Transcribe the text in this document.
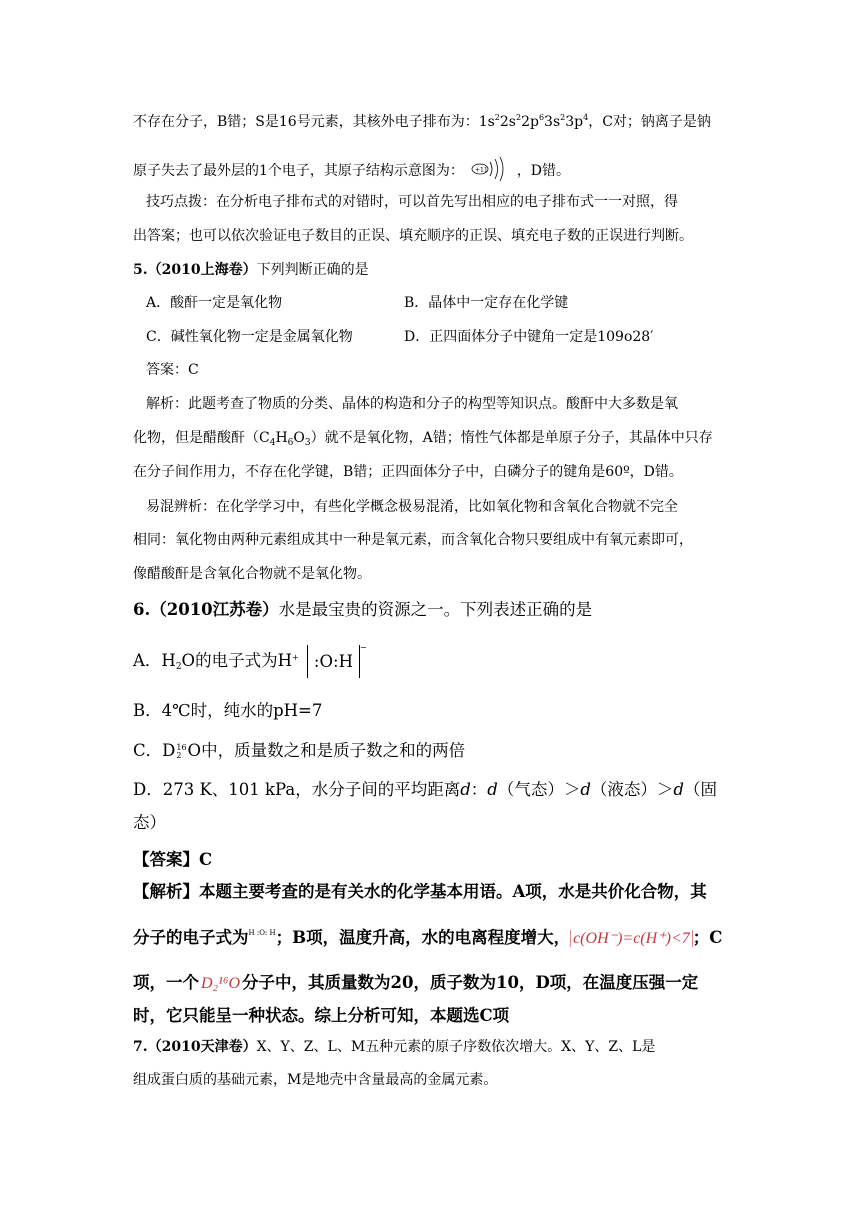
不存在分子，B错；S是16号元素，其核外电子排布为：$1s^22s^22p^63s^23p^4$，C对；钠离子是钠
原子失去了最外层的1个电子，其原子结构示意图为： +11 ，D错。
技巧点拨：在分析电子排布式的对错时，可以首先写出相应的电子排布式一一对照，得
出答案；也可以依次验证电子数目的正误、填充顺序的正误、填充电子数的正误进行判断。
5.（2010上海卷）下列判断正确的是
A．酸酐一定是氧化物	B．晶体中一定存在化学键
C．碱性氧化物一定是金属氧化物	D．正四面体分子中键角一定是109o28′
答案：C
解析：此题考查了物质的分类、晶体的构造和分子的构型等知识点。酸酐中大多数是氧
化物，但是醋酸酐$(C_4H_6O_3)$就不是氧化物，A错；惰性气体都是单原子分子，其晶体中只存
在分子间作用力，不存在化学键，B错；正四面体分子中，白磷分子的键角是60º，D错。
易混辨析：在化学学习中，有些化学概念极易混淆，比如氧化物和含氧化合物就不完全
相同：氧化物由两种元素组成其中一种是氧元素，而含氧化合物只要组成中有氧元素即可，
像醋酸酐是含氧化合物就不是氧化物。
6.（2010江苏卷）水是最宝贵的资源之一。下列表述正确的是
A．$H_2O$的电子式为H+ :O:H−
B．4℃时，纯水的pH=7
C．D 16
2 O中，质量数之和是质子数之和的两倍
D．273 K、101 kPa，水分子间的平均距离d：d（气态）＞d（液态）＞d（固
态）
【答案】C
【解析】本题主要考查的是有关水的化学基本用语。A项，水是共价化合物，其
分子的电子式为$^{H :O: H}$；B项，温度升高，水的电离程度增大， c(OH⁻)=c(H⁺)<7 ；C
项，一个 D₂¹⁶O 分子中，其质量数为20，质子数为10，D项，在温度压强一定
时，它只能呈一种状态。综上分析可知，本题选C项
7.（2010天津卷）X、Y、Z、L、M五种元素的原子序数依次增大。X、Y、Z、L是
组成蛋白质的基础元素，M是地壳中含量最高的金属元素。
